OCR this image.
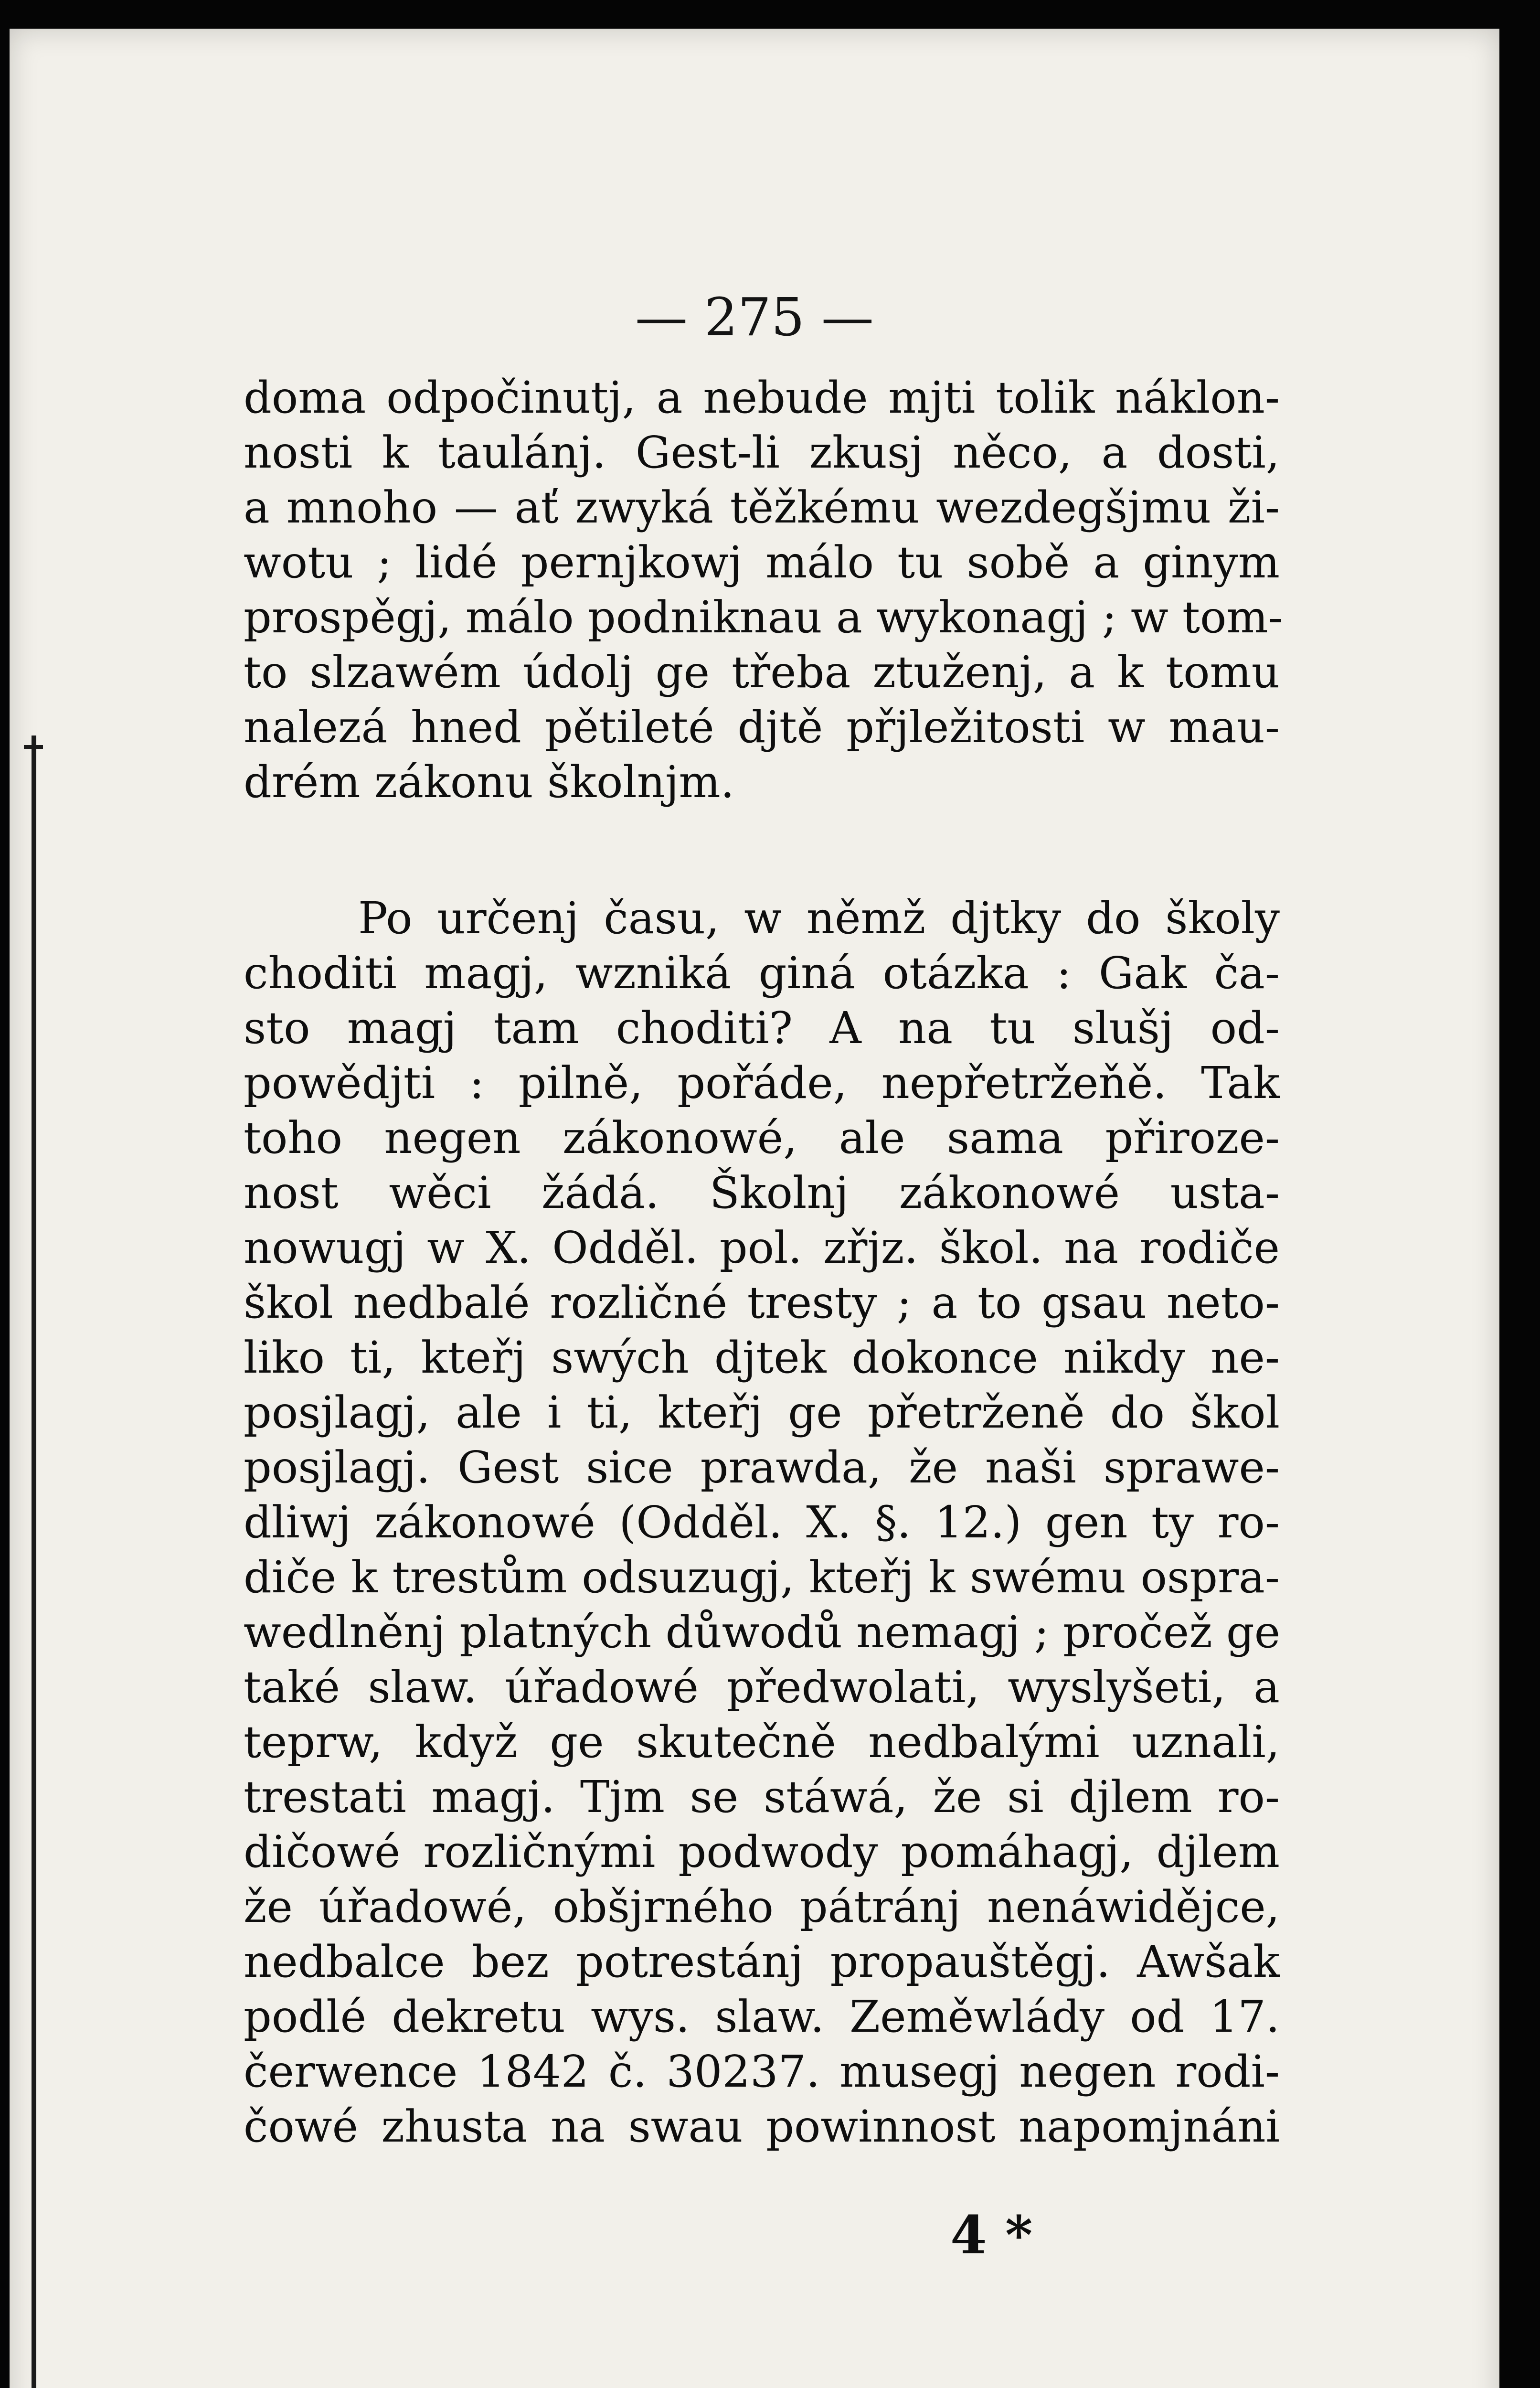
— 275 —
doma odpočinutj, a nebude mjti tolik náklon-
nosti k taulánj. Gest-li zkusj něco, a dosti,
a mnoho — ať zwyká těžkému wezdegšjmu ži-
wotu ; lidé pernjkowj málo tu sobě a ginym
prospěgj, málo podniknau a wykonagj ; w tom-
to slzawém údolj ge třeba ztuženj, a k tomu
nalezá hned pětileté djtě přjležitosti w mau-
drém zákonu školnjm.
Po určenj času, w němž djtky do školy
choditi magj, wzniká giná otázka : Gak ča-
sto magj tam choditi? A na tu slušj od-
powědjti : pilně, pořáde, nepřetržeňě. Tak
toho negen zákonowé, ale sama přiroze-
nost wěci žádá. Školnj zákonowé usta-
nowugj w X. Odděl. pol. zřjz. škol. na rodiče
škol nedbalé rozličné tresty ; a to gsau neto-
liko ti, kteřj swých djtek dokonce nikdy ne-
posjlagj, ale i ti, kteřj ge přetrženě do škol
posjlagj. Gest sice prawda, že naši sprawe-
dliwj zákonowé (Odděl. X. §. 12.) gen ty ro-
diče k trestům odsuzugj, kteřj k swému ospra-
wedlněnj platných důwodů nemagj ; pročež ge
také slaw. úřadowé předwolati, wyslyšeti, a
teprw, když ge skutečně nedbalými uznali,
trestati magj. Tjm se stáwá, že si djlem ro-
dičowé rozličnými podwody pomáhagj, djlem
že úřadowé, obšjrného pátránj nenáwidějce,
nedbalce bez potrestánj propauštěgj. Awšak
podlé dekretu wys. slaw. Zeměwlády od 17.
čerwence 1842 č. 30237. musegj negen rodi-
čowé zhusta na swau powinnost napomjnáni
4 *
